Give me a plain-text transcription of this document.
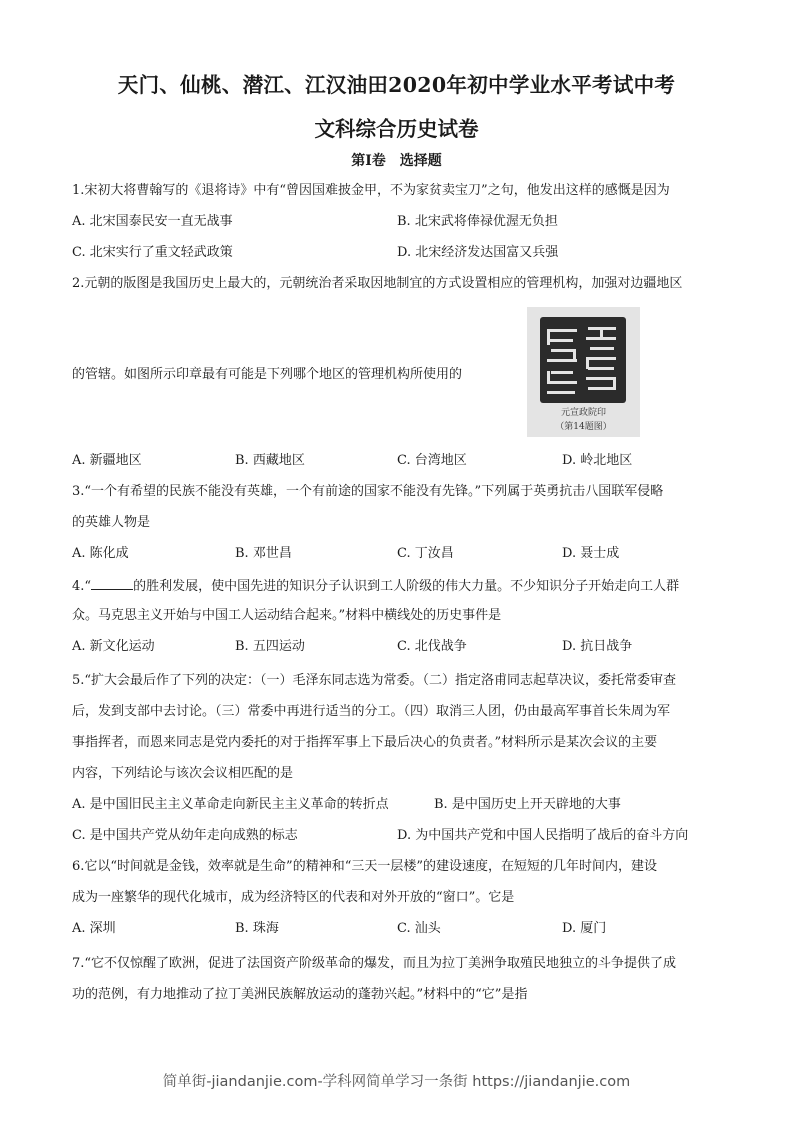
天门、仙桃、潜江、江汉油田2020年初中学业水平考试中考
文科综合历史试卷
第Ⅰ卷　选择题
1.宋初大将曹翰写的《退将诗》中有“曾因国难披金甲，不为家贫卖宝刀”之句，他发出这样的感慨是因为
A. 北宋国泰民安一直无战事	B. 北宋武将俸禄优渥无负担
C. 北宋实行了重文轻武政策	D. 北宋经济发达国富又兵强
2.元朝的版图是我国历史上最大的，元朝统治者采取因地制宜的方式设置相应的管理机构，加强对边疆地区
的管辖。如图所示印章最有可能是下列哪个地区的管理机构所使用的
元宣政院印
（第14题图）
A. 新疆地区	B. 西藏地区	C. 台湾地区	D. 岭北地区
3.“一个有希望的民族不能没有英雄，一个有前途的国家不能没有先锋。”下列属于英勇抗击八国联军侵略
的英雄人物是
A. 陈化成	B. 邓世昌	C. 丁汝昌	D. 聂士成
4.“	的胜利发展，使中国先进的知识分子认识到工人阶级的伟大力量。不少知识分子开始走向工人群
众。马克思主义开始与中国工人运动结合起来。”材料中横线处的历史事件是
A. 新文化运动	B. 五四运动	C. 北伐战争	D. 抗日战争
5.“扩大会最后作了下列的决定：（一）毛泽东同志选为常委。（二）指定洛甫同志起草决议，委托常委审查
后，发到支部中去讨论。（三）常委中再进行适当的分工。（四）取消三人团，仍由最高军事首长朱周为军
事指挥者，而恩来同志是党内委托的对于指挥军事上下最后决心的负责者。”材料所示是某次会议的主要
内容，下列结论与该次会议相匹配的是
A. 是中国旧民主主义革命走向新民主主义革命的转折点	B. 是中国历史上开天辟地的大事
C. 是中国共产党从幼年走向成熟的标志	D. 为中国共产党和中国人民指明了战后的奋斗方向
6.它以“时间就是金钱，效率就是生命”的精神和“三天一层楼”的建设速度，在短短的几年时间内，建设
成为一座繁华的现代化城市，成为经济特区的代表和对外开放的“窗口”。它是
A. 深圳	B. 珠海	C. 汕头	D. 厦门
7.“它不仅惊醒了欧洲，促进了法国资产阶级革命的爆发，而且为拉丁美洲争取殖民地独立的斗争提供了成
功的范例，有力地推动了拉丁美洲民族解放运动的蓬勃兴起。”材料中的“它”是指
简单街-jiandanjie.com-学科网简单学习一条街 https://jiandanjie.com
